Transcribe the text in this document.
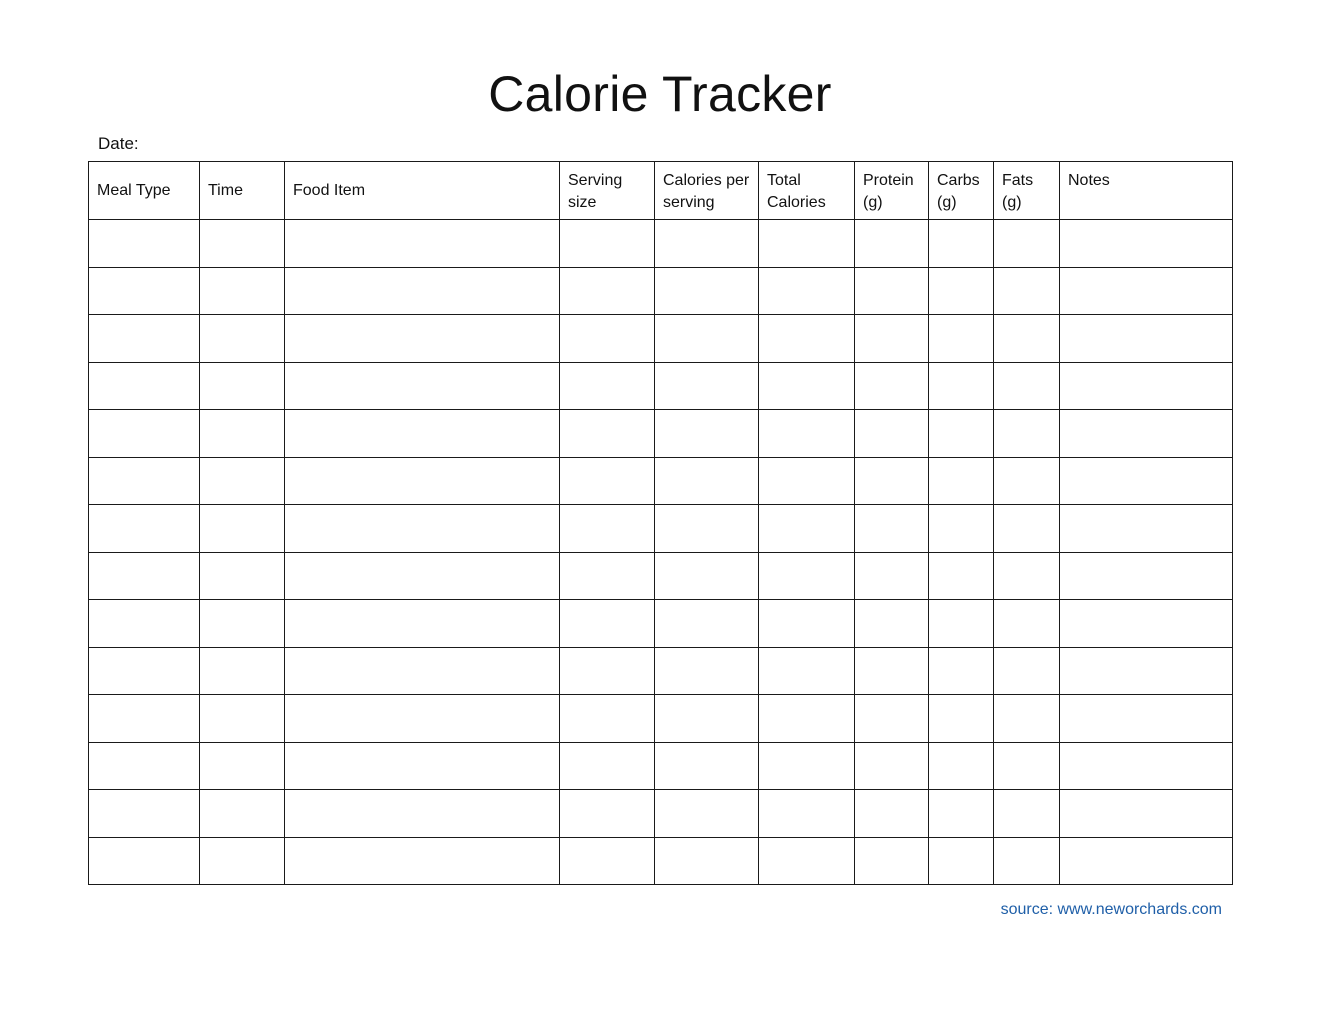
Calorie Tracker
Date:
Meal Type	Time	Food Item	Serving size	Calories per serving	Total Calories	Protein (g)	Carbs (g)	Fats (g)	Notes

source: www.neworchards.com
